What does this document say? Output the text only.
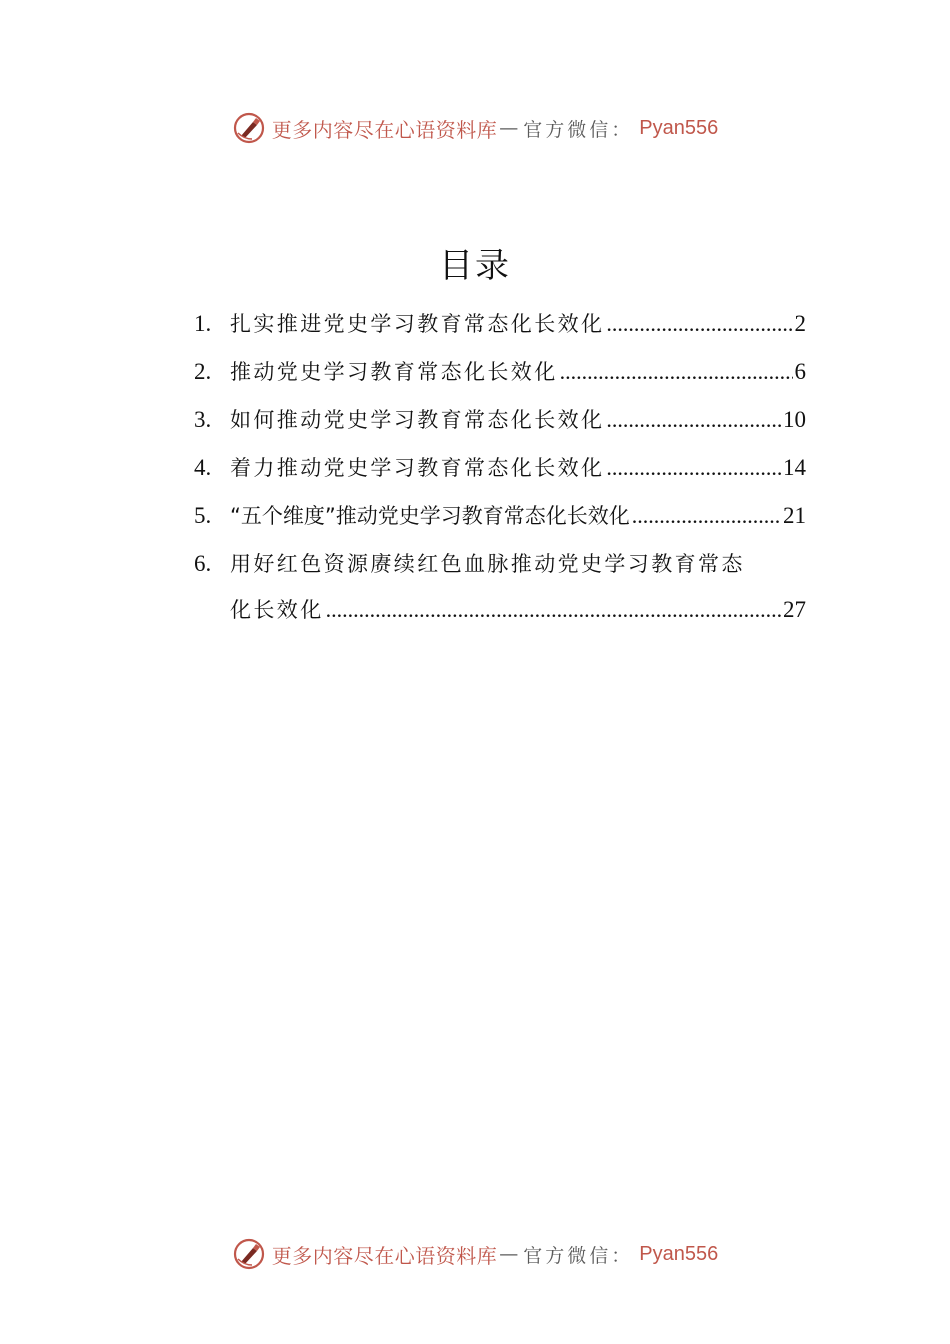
更多内容尽在心语资料库 — 官方微信： Pyan556
目录
1. 扎实推进党史学习教育常态化长效化 .....	2
2. 推动党史学习教育常态化长效化 .....	6
3. 如何推动党史学习教育常态化长效化 .....	10
4. 着力推动党史学习教育常态化长效化 .....	14
5. “五个维度”推动党史学习教育常态化长效化 .....	21
6. 用好红色资源赓续红色血脉推动党史学习教育常态
化长效化 .....	27
更多内容尽在心语资料库 — 官方微信： Pyan556
